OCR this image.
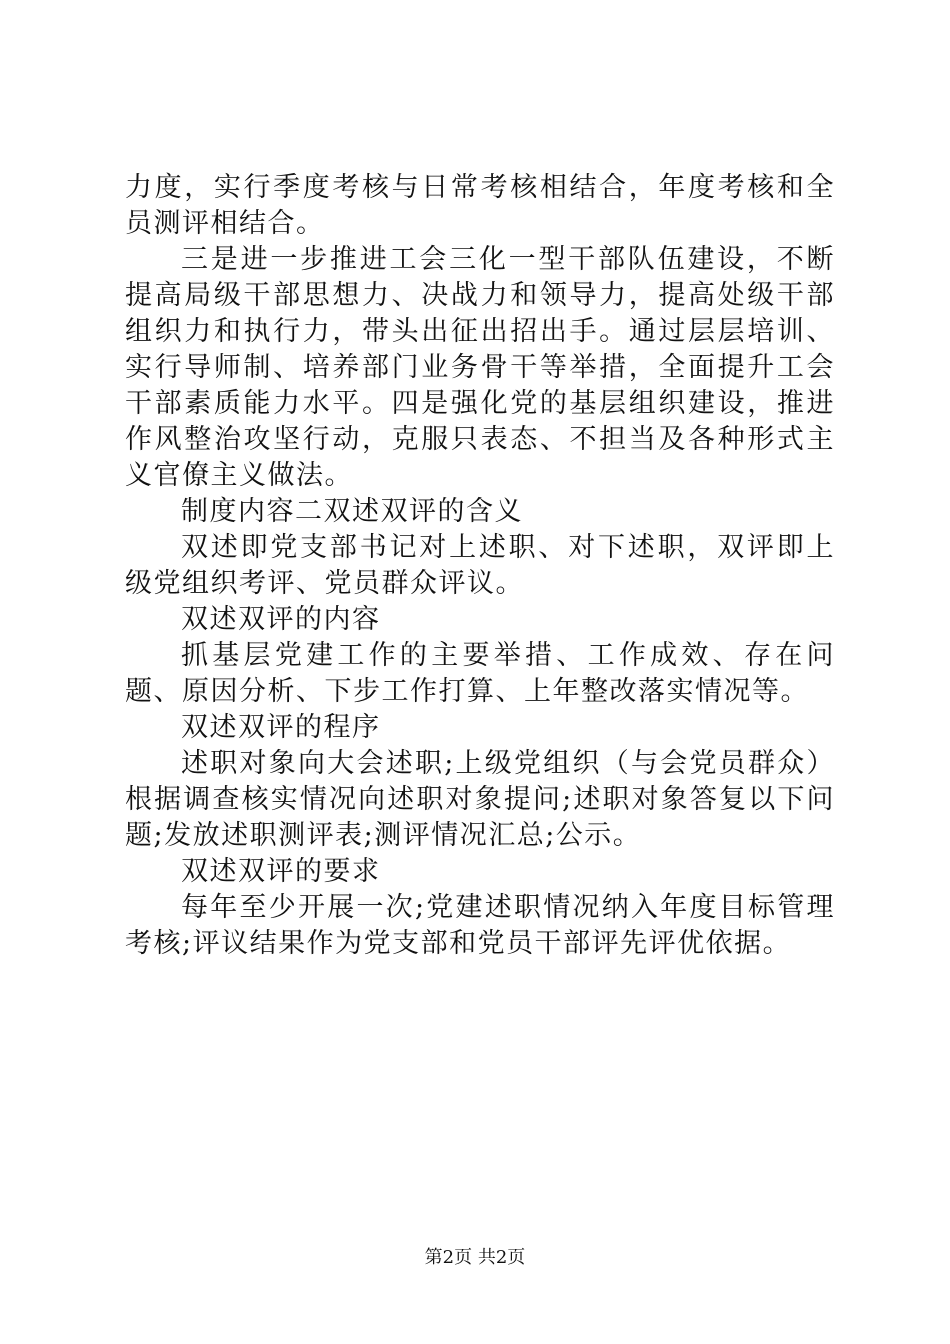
力度，实行季度考核与日常考核相结合，年度考核和全员测评相结合。

三是进一步推进工会三化一型干部队伍建设，不断提高局级干部思想力、决战力和领导力，提高处级干部组织力和执行力，带头出征出招出手。通过层层培训、实行导师制、培养部门业务骨干等举措，全面提升工会干部素质能力水平。四是强化党的基层组织建设，推进作风整治攻坚行动，克服只表态、不担当及各种形式主义官僚主义做法。

制度内容二双述双评的含义

双述即党支部书记对上述职、对下述职，双评即上级党组织考评、党员群众评议。

双述双评的内容

抓基层党建工作的主要举措、工作成效、存在问题、原因分析、下步工作打算、上年整改落实情况等。

双述双评的程序

述职对象向大会述职;上级党组织（与会党员群众）根据调查核实情况向述职对象提问;述职对象答复以下问题;发放述职测评表;测评情况汇总;公示。

双述双评的要求

每年至少开展一次;党建述职情况纳入年度目标管理考核;评议结果作为党支部和党员干部评先评优依据。

第2页 共2页
